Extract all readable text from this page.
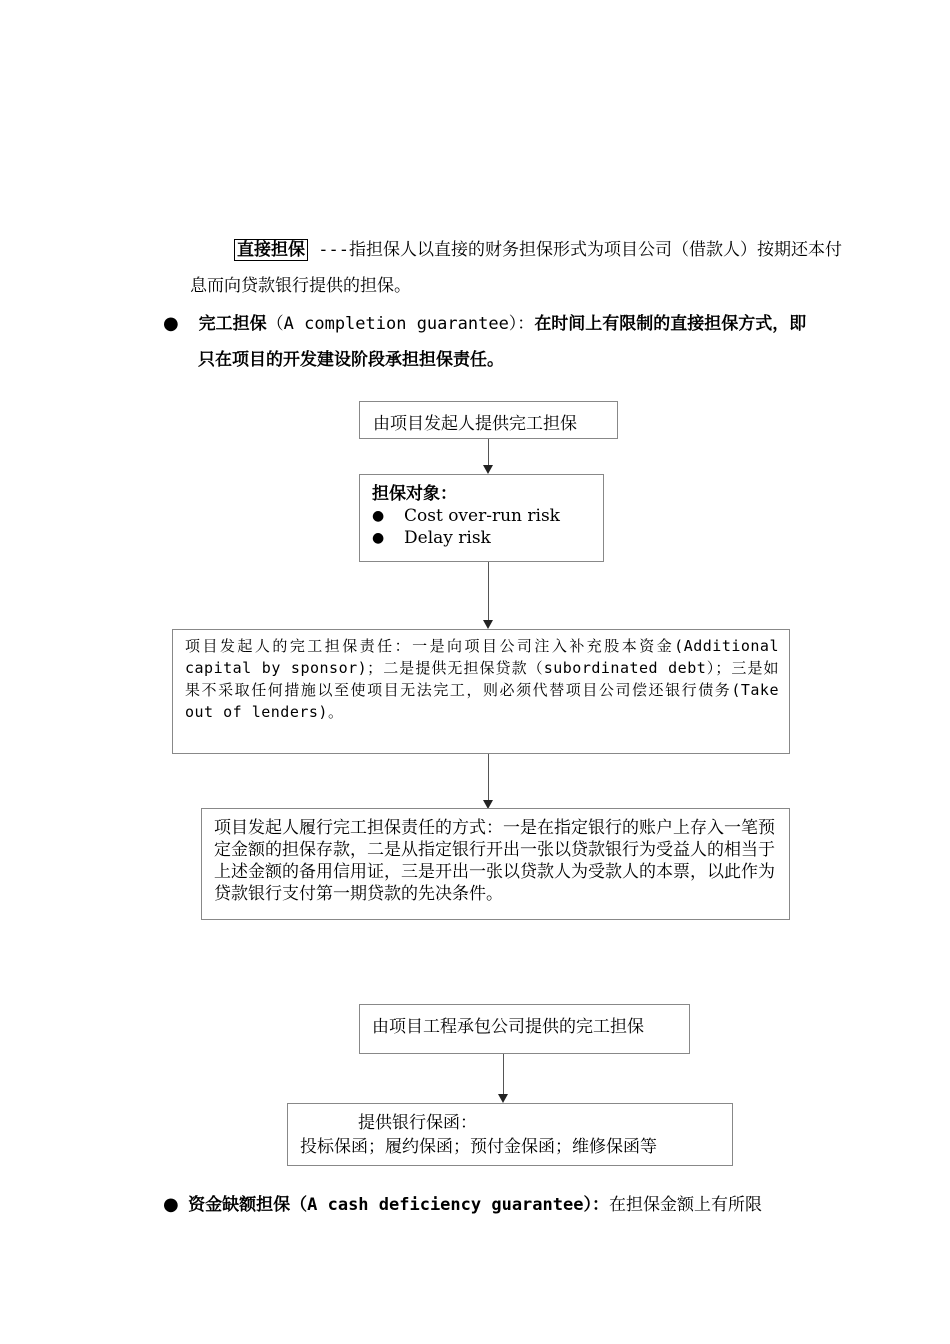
直接担保 ---指担保人以直接的财务担保形式为项目公司（借款人）按期还本付息而向贷款银行提供的担保。
● 完工担保（A completion guarantee）：在时间上有限制的直接担保方式，即
只在项目的开发建设阶段承担担保责任。
由项目发起人提供完工担保
担保对象：
●	Cost over-run risk
●	Delay risk
项目发起人的完工担保责任：一是向项目公司注入补充股本资金(Additional capital by sponsor)；二是提供无担保贷款（subordinated debt）；三是如果不采取任何措施以至使项目无法完工，则必须代替项目公司偿还银行债务(Take out of lenders)。
项目发起人履行完工担保责任的方式：一是在指定银行的账户上存入一笔预定金额的担保存款，二是从指定银行开出一张以贷款银行为受益人的相当于上述金额的备用信用证，三是开出一张以贷款人为受款人的本票，以此作为贷款银行支付第一期贷款的先决条件。
由项目工程承包公司提供的完工担保
提供银行保函：
投标保函；履约保函；预付金保函；维修保函等
● 资金缺额担保（A cash deficiency guarantee）：在担保金额上有所限
